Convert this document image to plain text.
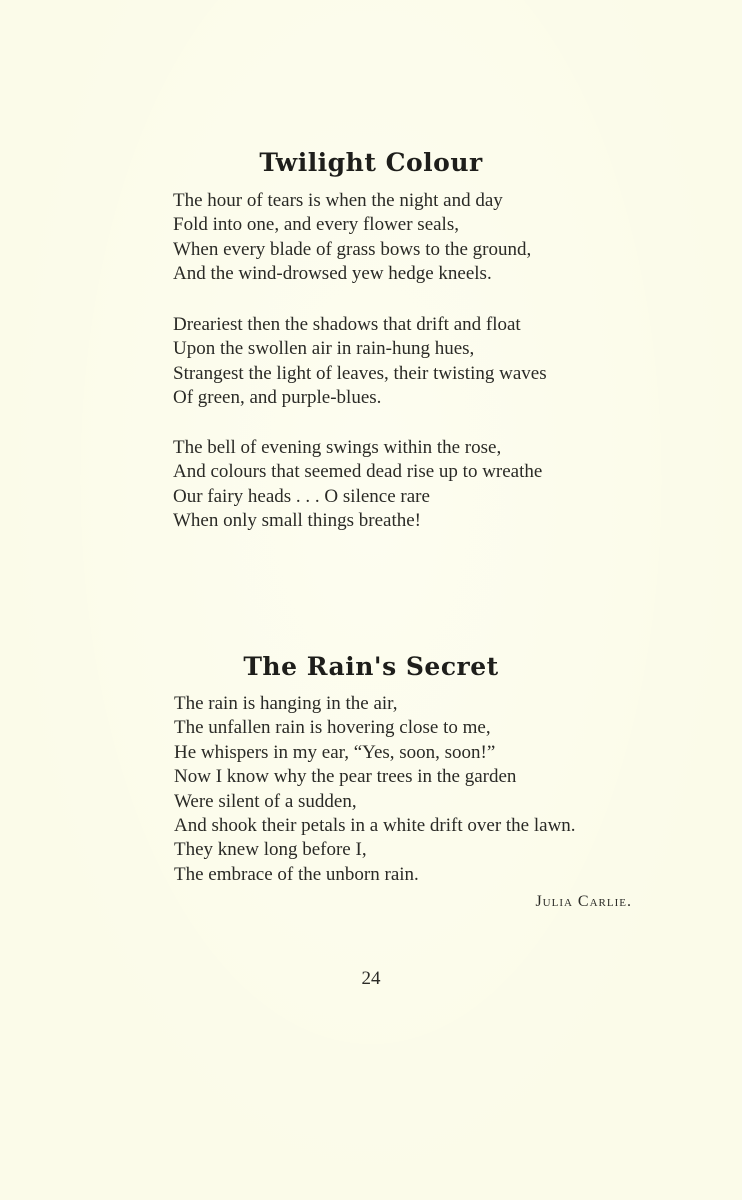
Twilight Colour
The hour of tears is when the night and day
Fold into one, and every flower seals,
When every blade of grass bows to the ground,
And the wind-drowsed yew hedge kneels.
Dreariest then the shadows that drift and float
Upon the swollen air in rain-hung hues,
Strangest the light of leaves, their twisting waves
Of green, and purple-blues.
The bell of evening swings within the rose,
And colours that seemed dead rise up to wreathe
Our fairy heads . . . O silence rare
When only small things breathe!
The Rain's Secret
The rain is hanging in the air,
The unfallen rain is hovering close to me,
He whispers in my ear, “Yes, soon, soon!”
Now I know why the pear trees in the garden
Were silent of a sudden,
And shook their petals in a white drift over the lawn.
They knew long before I,
The embrace of the unborn rain.
Julia Carlie.
24
